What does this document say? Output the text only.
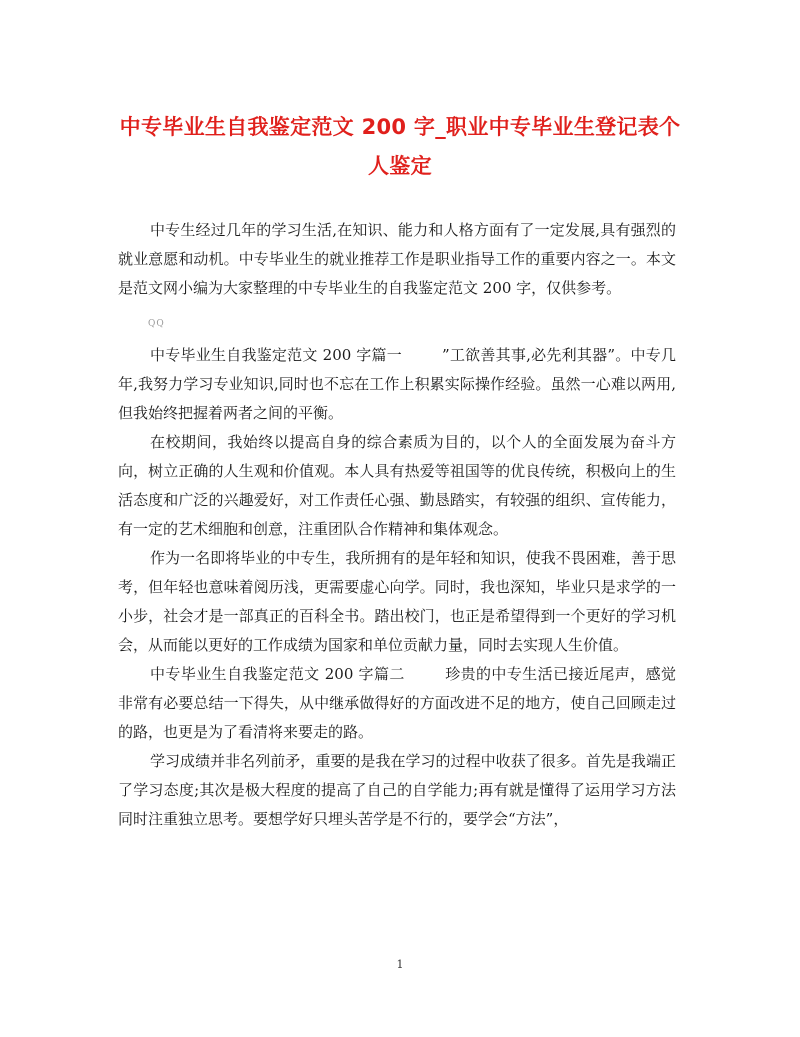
中专毕业生自我鉴定范文 200 字_职业中专毕业生登记表个人鉴定

中专生经过几年的学习生活,在知识、能力和人格方面有了一定发展,具有强烈的就业意愿和动机。中专毕业生的就业推荐工作是职业指导工作的重要内容之一。本文是范文网小编为大家整理的中专毕业生的自我鉴定范文 200 字，仅供参考。

QQ

中专毕业生自我鉴定范文 200 字篇一	”工欲善其事,必先利其器”。中专几年,我努力学习专业知识,同时也不忘在工作上积累实际操作经验。虽然一心难以两用,但我始终把握着两者之间的平衡。

在校期间，我始终以提高自身的综合素质为目的，以个人的全面发展为奋斗方向，树立正确的人生观和价值观。本人具有热爱等祖国等的优良传统，积极向上的生活态度和广泛的兴趣爱好，对工作责任心强、勤恳踏实，有较强的组织、宣传能力，有一定的艺术细胞和创意，注重团队合作精神和集体观念。

作为一名即将毕业的中专生，我所拥有的是年轻和知识，使我不畏困难，善于思考，但年轻也意味着阅历浅，更需要虚心向学。同时，我也深知，毕业只是求学的一小步，社会才是一部真正的百科全书。踏出校门，也正是希望得到一个更好的学习机会，从而能以更好的工作成绩为国家和单位贡献力量，同时去实现人生价值。

中专毕业生自我鉴定范文 200 字篇二	珍贵的中专生活已接近尾声，感觉非常有必要总结一下得失，从中继承做得好的方面改进不足的地方，使自己回顾走过的路，也更是为了看清将来要走的路。

学习成绩并非名列前矛，重要的是我在学习的过程中收获了很多。首先是我端正了学习态度;其次是极大程度的提高了自己的自学能力;再有就是懂得了运用学习方法同时注重独立思考。要想学好只埋头苦学是不行的，要学会“方法”，

1
